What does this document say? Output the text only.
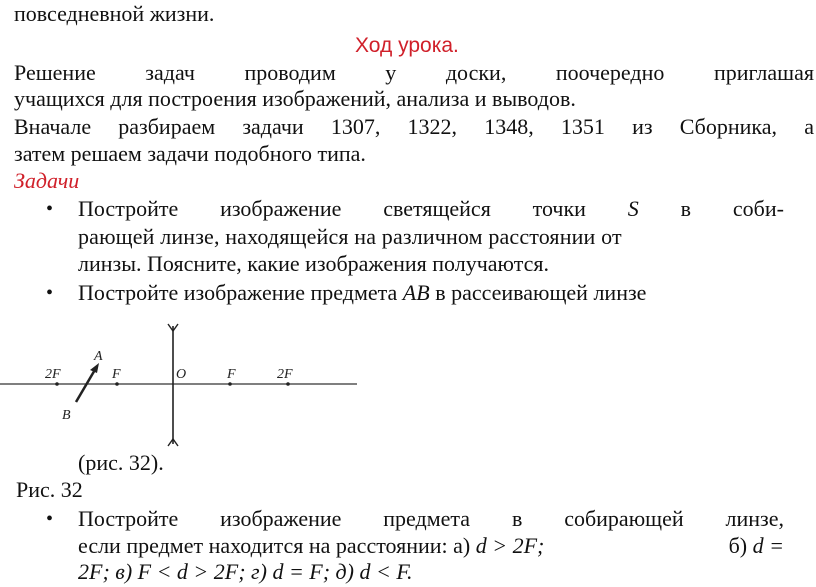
повседневной жизни.
Ход урока.
Решение задач проводим у доски, поочередно приглашая
учащихся для построения изображений, анализа и выводов.
Вначале разбираем задачи 1307, 1322, 1348, 1351 из Сборника, а
затем решаем задачи подобного типа.
Задачи
• Постройте изображение светящейся точки S в соби-
рающей линзе, находящейся на различном расстоянии от
линзы. Поясните, какие изображения получаются.
• Постройте изображение предмета AB в рассеивающей линзе
2F	F	O	F	2F
A
B
(рис. 32).
Рис. 32
• Постройте изображение предмета в собирающей линзе,
если предмет находится на расстоянии: а) d > 2F;	б) d =
2F; в) F < d > 2F; г) d = F; д) d < F.
